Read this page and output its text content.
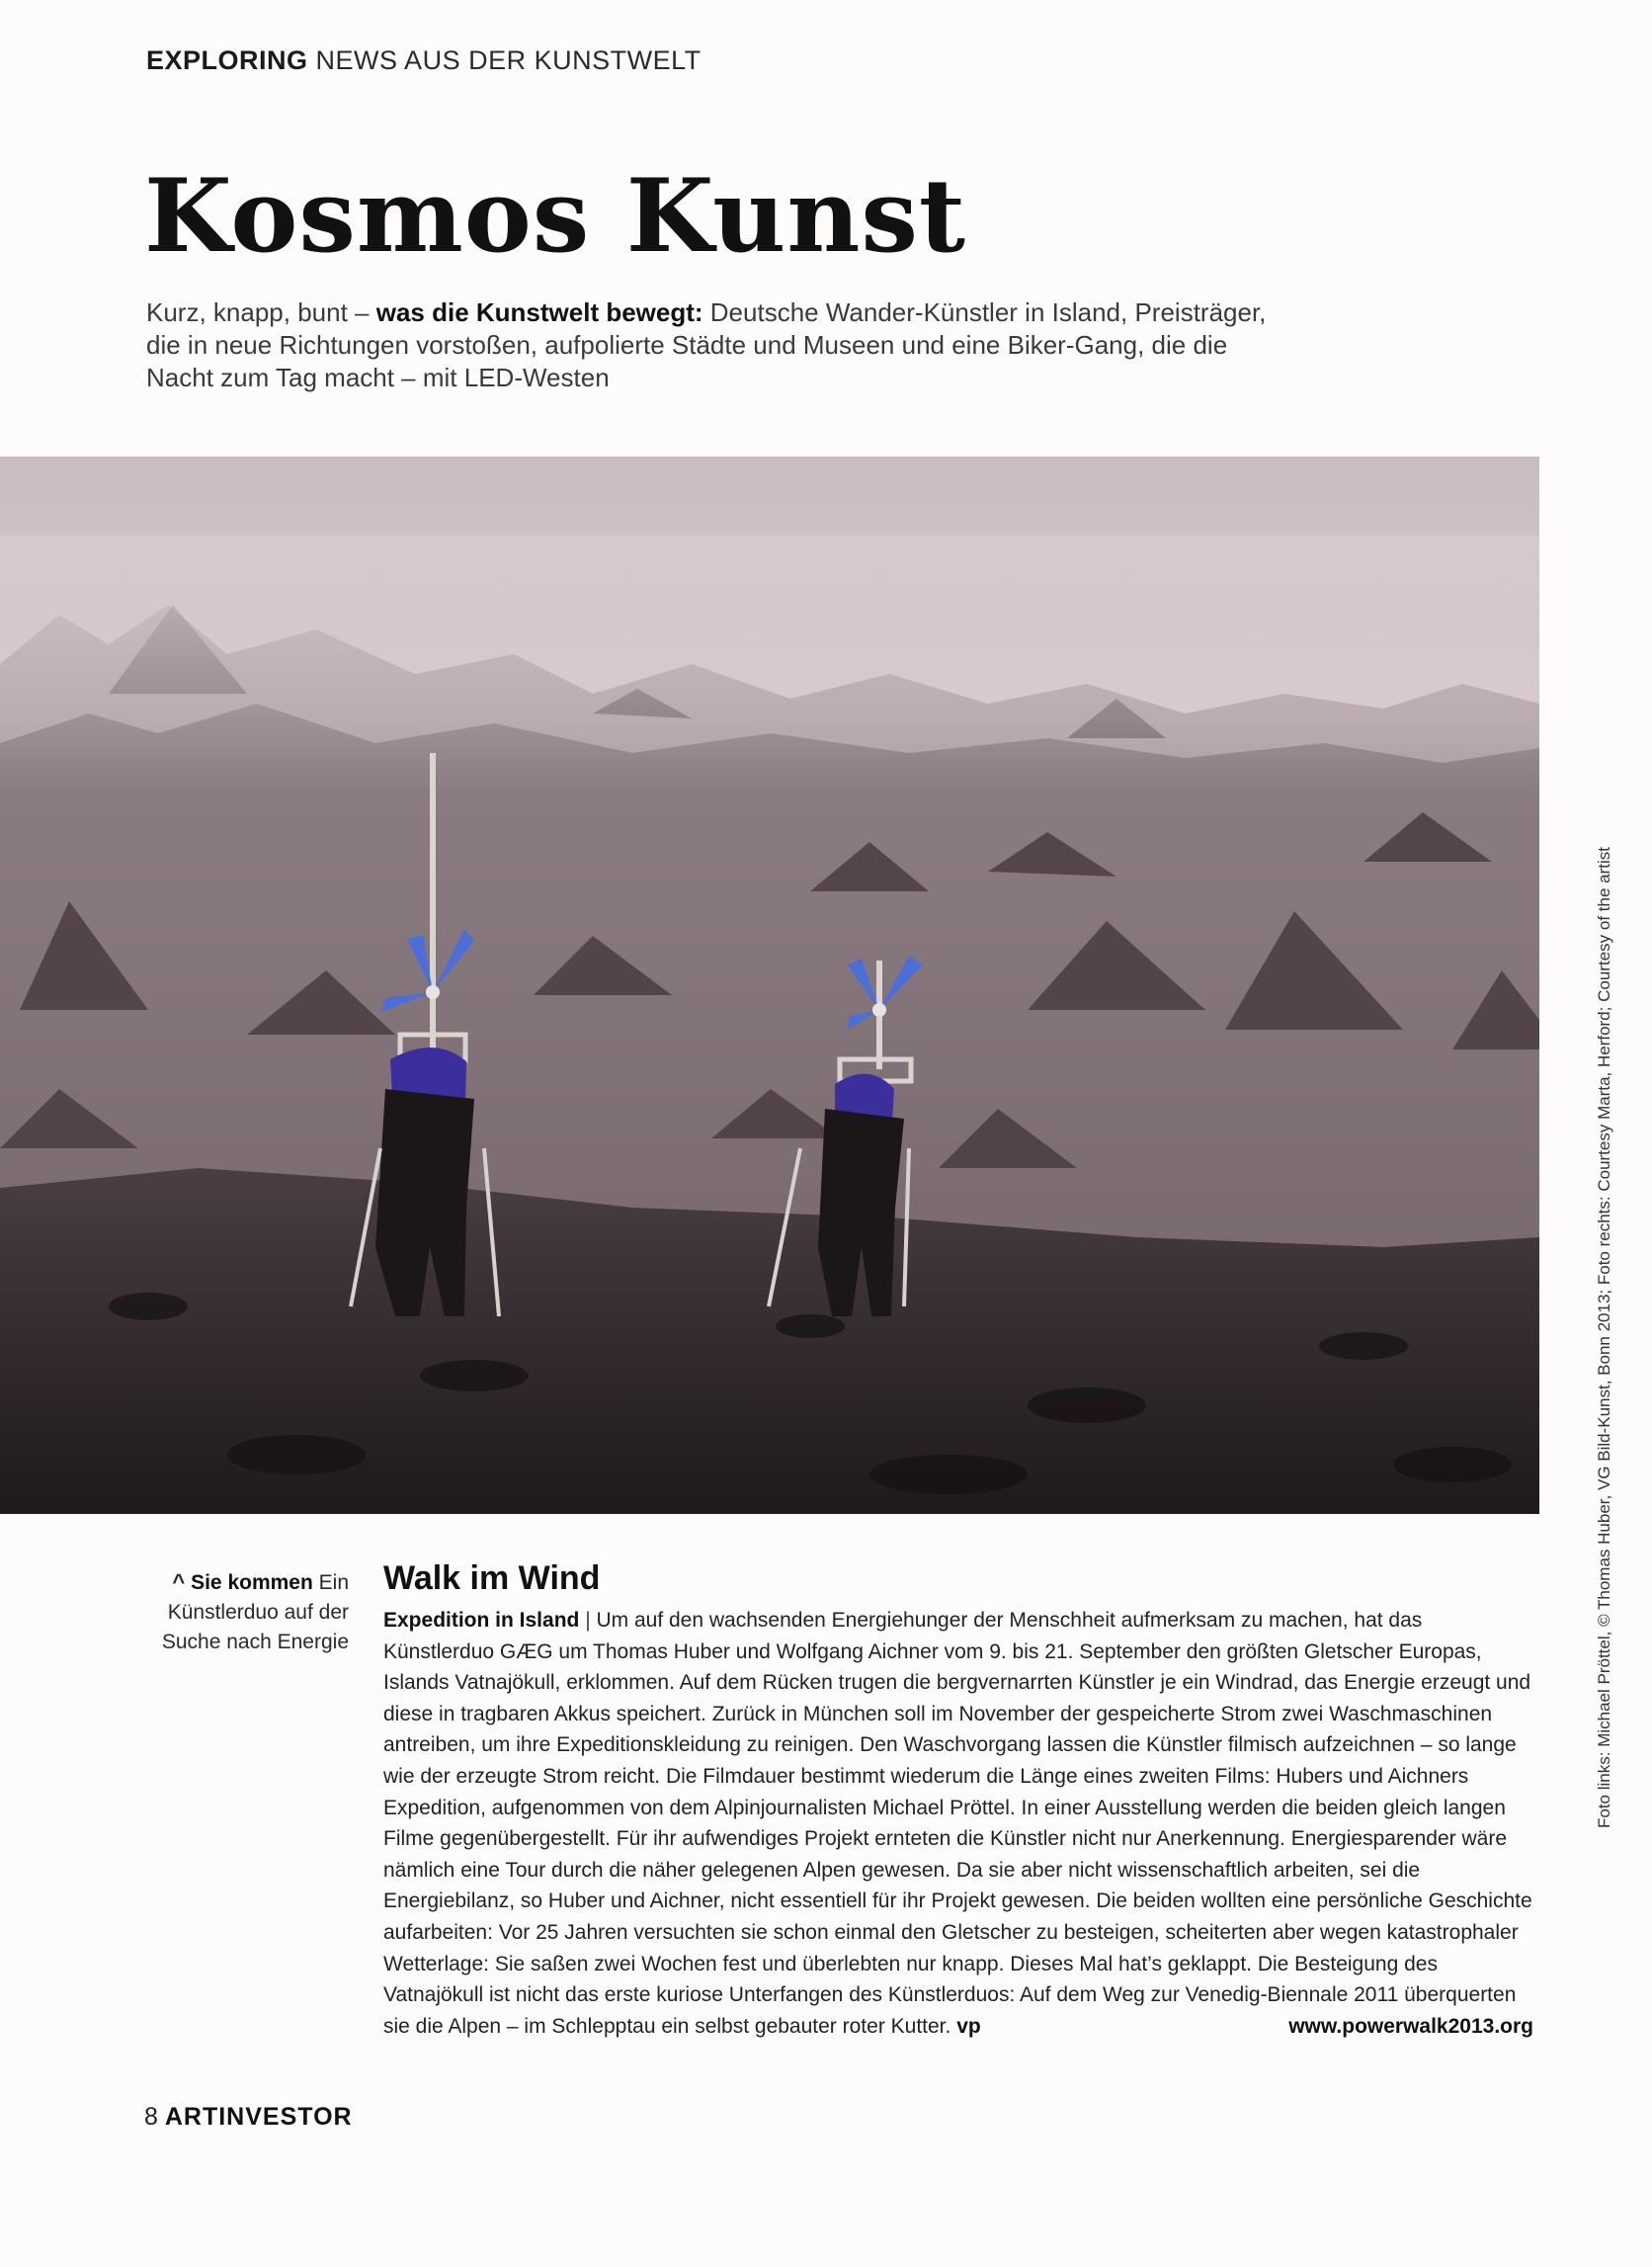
EXPLORING NEWS AUS DER KUNSTWELT
Kosmos Kunst

Kurz, knapp, bunt – was die Kunstwelt bewegt: Deutsche Wander-Künstler in Island, Preisträger, die in neue Richtungen vorstoßen, aufpolierte Städte und Museen und eine Biker-Gang, die die Nacht zum Tag macht – mit LED-Westen

Foto links: Michael Pröttel, © Thomas Huber, VG Bild-Kunst, Bonn 2013; Foto rechts: Courtesy Marta, Herford; Courtesy of the artist
^ Sie kommen Ein Künstlerduo auf der Suche nach Energie
Walk im Wind

Expedition in Island | Um auf den wachsenden Energiehunger der Menschheit aufmerksam zu machen, hat das Künstlerduo GÆG um Thomas Huber und Wolfgang Aichner vom 9. bis 21. September den größten Gletscher Europas, Islands Vatnajökull, erklommen. Auf dem Rücken trugen die bergvernarrten Künstler je ein Windrad, das Energie erzeugt und diese in tragbaren Akkus speichert. Zurück in München soll im November der gespeicherte Strom zwei Waschmaschinen antreiben, um ihre Expeditionskleidung zu reinigen. Den Waschvorgang lassen die Künstler filmisch aufzeichnen – so lange wie der erzeugte Strom reicht. Die Filmdauer bestimmt wiederum die Länge eines zweiten Films: Hubers und Aichners Expedition, aufgenommen von dem Alpinjournalisten Michael Pröttel. In einer Ausstellung werden die beiden gleich langen Filme gegenübergestellt. Für ihr aufwendiges Projekt ernteten die Künstler nicht nur Anerkennung. Energiesparender wäre nämlich eine Tour durch die näher gelegenen Alpen gewesen. Da sie aber nicht wissenschaftlich arbeiten, sei die Energiebilanz, so Huber und Aichner, nicht essentiell für ihr Projekt gewesen. Die beiden wollten eine persönliche Geschichte aufarbeiten: Vor 25 Jahren versuchten sie schon einmal den Gletscher zu besteigen, scheiterten aber wegen katastrophaler Wetterlage: Sie saßen zwei Wochen fest und überlebten nur knapp. Dieses Mal hat’s geklappt. Die Besteigung des Vatnajökull ist nicht das erste kuriose Unterfangen des Künstlerduos: Auf dem Weg zur Venedig-Biennale 2011 überquerten sie die Alpen – im Schlepptau ein selbst gebauter roter Kutter. vp	www.powerwalk2013.org

8 ARTINVESTOR
